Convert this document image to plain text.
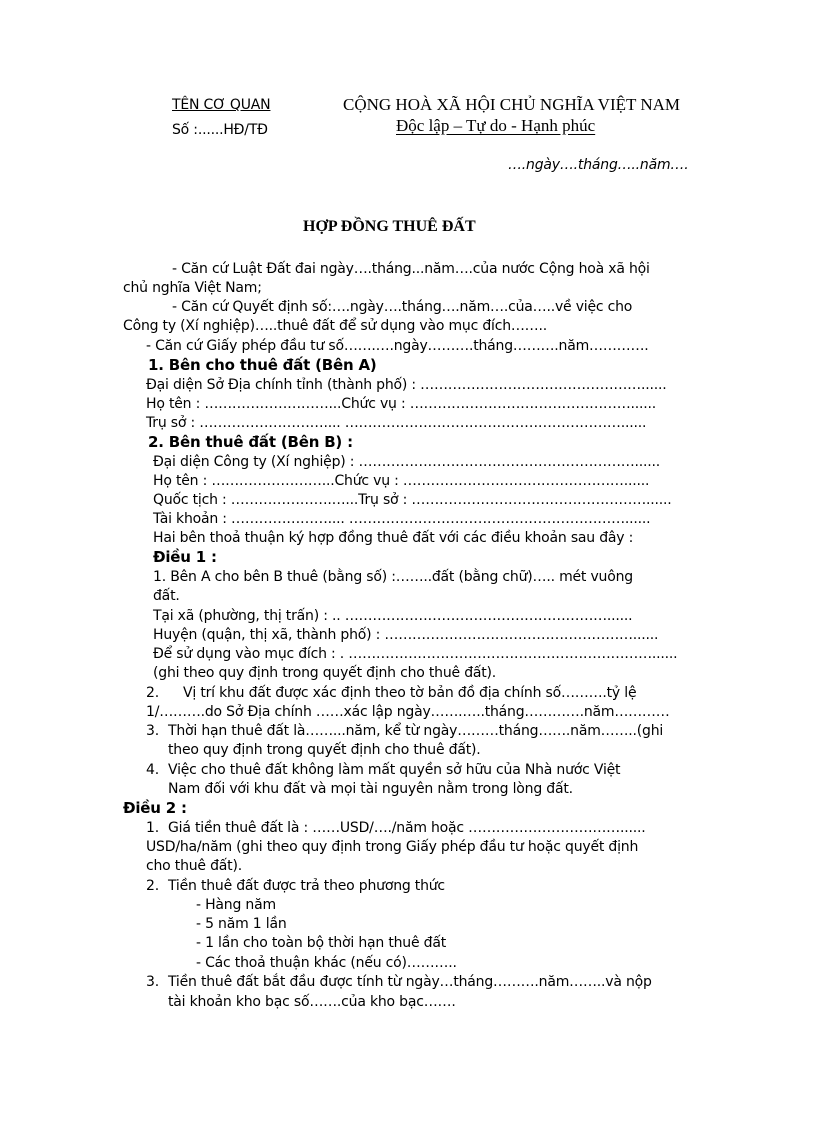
TÊN CƠ QUAN
Số :......HĐ/TĐ
CỘNG HOÀ XÃ HỘI CHỦ NGHĨA VIỆT NAM
Độc lập – Tự do - Hạnh phúc
….ngày….tháng…..năm….
HỢP ĐỒNG THUÊ ĐẤT
- Căn cứ Luật Đất đai ngày….tháng...năm….của nước Cộng hoà xã hội
chủ nghĩa Việt Nam;
- Căn cứ Quyết định số:….ngày….tháng….năm….của…..về việc cho
Công ty (Xí nghiệp)…..thuê đất để sử dụng vào mục đích……..
- Căn cứ Giấy phép đầu tư số…….….ngày……….tháng……….năm………….
1. Bên cho thuê đất (Bên A)
Đại diện Sở Địa chính tỉnh (thành phố) : …………………………………………......
Họ tên : ………………………...Chức vụ : …………………………………………......
Trụ sở : ……………………….... ……………………………………………………......
2. Bên thuê đất (Bên B) :
Đại diện Công ty (Xí nghiệp) : ……………………………………………………......
Họ tên : ……………………...Chức vụ : …………………………………………......
Quốc tịch : ………………….…...Trụ sở : ……………………………………………......
Tài khoản : ………………….... ……………………………………………………......
Hai bên thoả thuận ký hợp đồng thuê đất với các điều khoản sau đây :
Điều 1 :
1. Bên A cho bên B thuê (bằng số) :……..đất (bằng chữ)….. mét vuông
đất.
Tại xã (phường, thị trấn) : .. …………………………………………………......
Huyện (quận, thị xã, thành phố) : ………………………………………………......
Để sử dụng vào mục đích : . …………………………………………………………......
(ghi theo quy định trong quyết định cho thuê đất).
2. Vị trí khu đất được xác định theo tờ bản đồ địa chính số……….tỷ lệ
1/……….do Sở Địa chính ……xác lập ngày…….…..tháng………….năm…………
3. Thời hạn thuê đất là……...năm, kể từ ngày………tháng…….năm……..(ghi
theo quy định trong quyết định cho thuê đất).
4. Việc cho thuê đất không làm mất quyền sở hữu của Nhà nước Việt
Nam đối với khu đất và mọi tài nguyên nằm trong lòng đất.
Điều 2 :
1. Giá tiền thuê đất là : ……USD/…./năm hoặc ……………………………......
USD/ha/năm (ghi theo quy định trong Giấy phép đầu tư hoặc quyết định
cho thuê đất).
2. Tiền thuê đất được trả theo phương thức
- Hàng năm
- 5 năm 1 lần
- 1 lần cho toàn bộ thời hạn thuê đất
- Các thoả thuận khác (nếu có)………..
3. Tiền thuê đất bắt đầu được tính từ ngày…tháng……….năm……..và nộp
tài khoản kho bạc số…….của kho bạc…….
